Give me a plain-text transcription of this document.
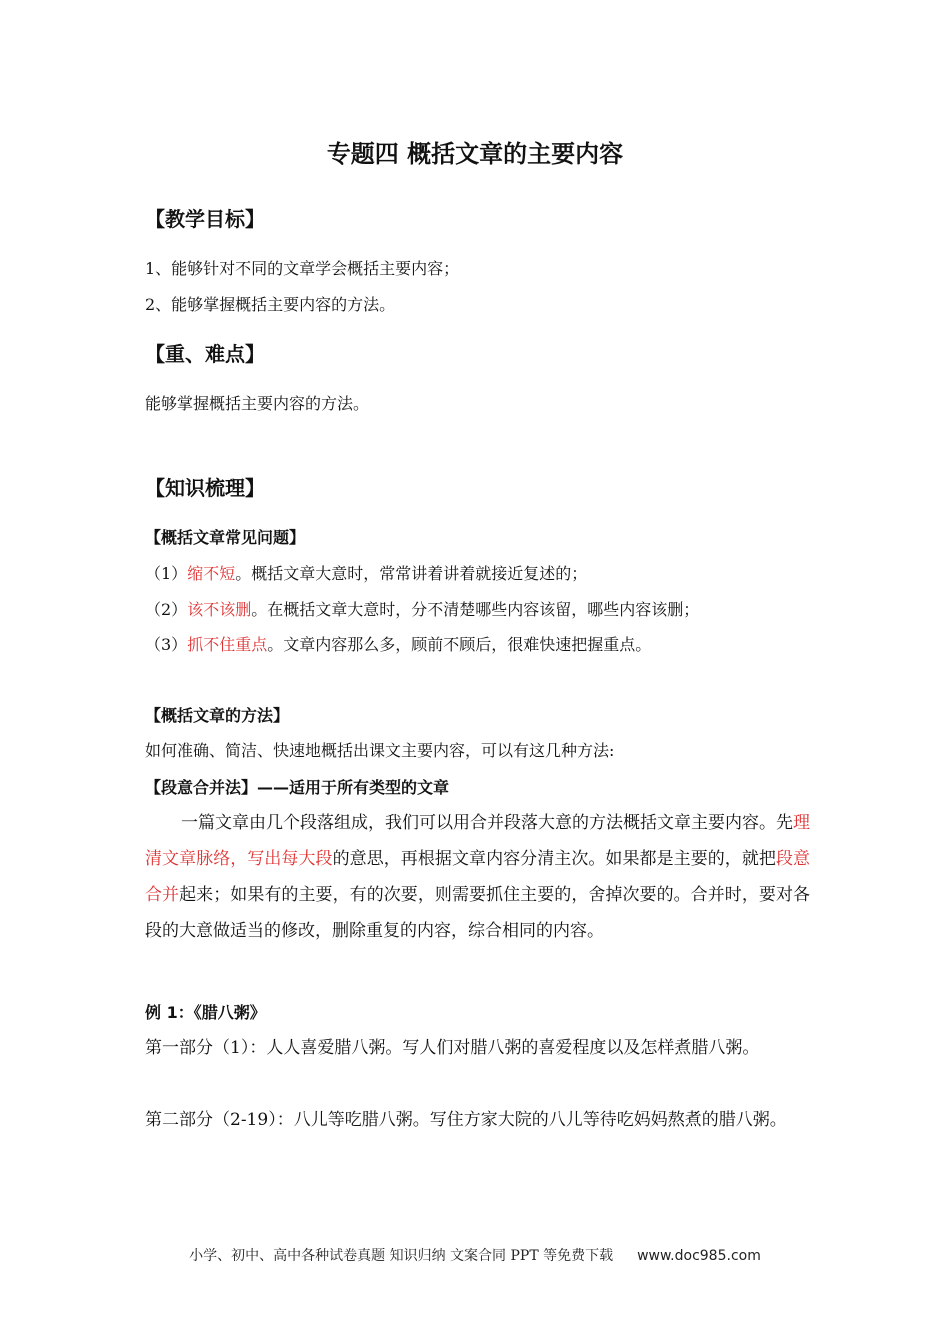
专题四 概括文章的主要内容
【教学目标】
1、能够针对不同的文章学会概括主要内容；
2、能够掌握概括主要内容的方法。
【重、难点】
能够掌握概括主要内容的方法。
【知识梳理】
【概括文章常见问题】
（1）缩不短。概括文章大意时，常常讲着讲着就接近复述的；
（2）该不该删。在概括文章大意时，分不清楚哪些内容该留，哪些内容该删；
（3）抓不住重点。文章内容那么多，顾前不顾后，很难快速把握重点。
【概括文章的方法】
如何准确、简洁、快速地概括出课文主要内容，可以有这几种方法:
【段意合并法】——适用于所有类型的文章
一篇文章由几个段落组成，我们可以用合并段落大意的方法概括文章主要内容。先理清文章脉络，写出每大段的意思，再根据文章内容分清主次。如果都是主要的，就把段意合并起来；如果有的主要，有的次要，则需要抓住主要的，舍掉次要的。合并时，要对各段的大意做适当的修改，删除重复的内容，综合相同的内容。
例 1：《腊八粥》
第一部分（1）：人人喜爱腊八粥。写人们对腊八粥的喜爱程度以及怎样煮腊八粥。
第二部分（2-19）：八儿等吃腊八粥。写住方家大院的八儿等待吃妈妈熬煮的腊八粥。
小学、初中、高中各种试卷真题 知识归纳 文案合同 PPT 等免费下载 www.doc985.com
